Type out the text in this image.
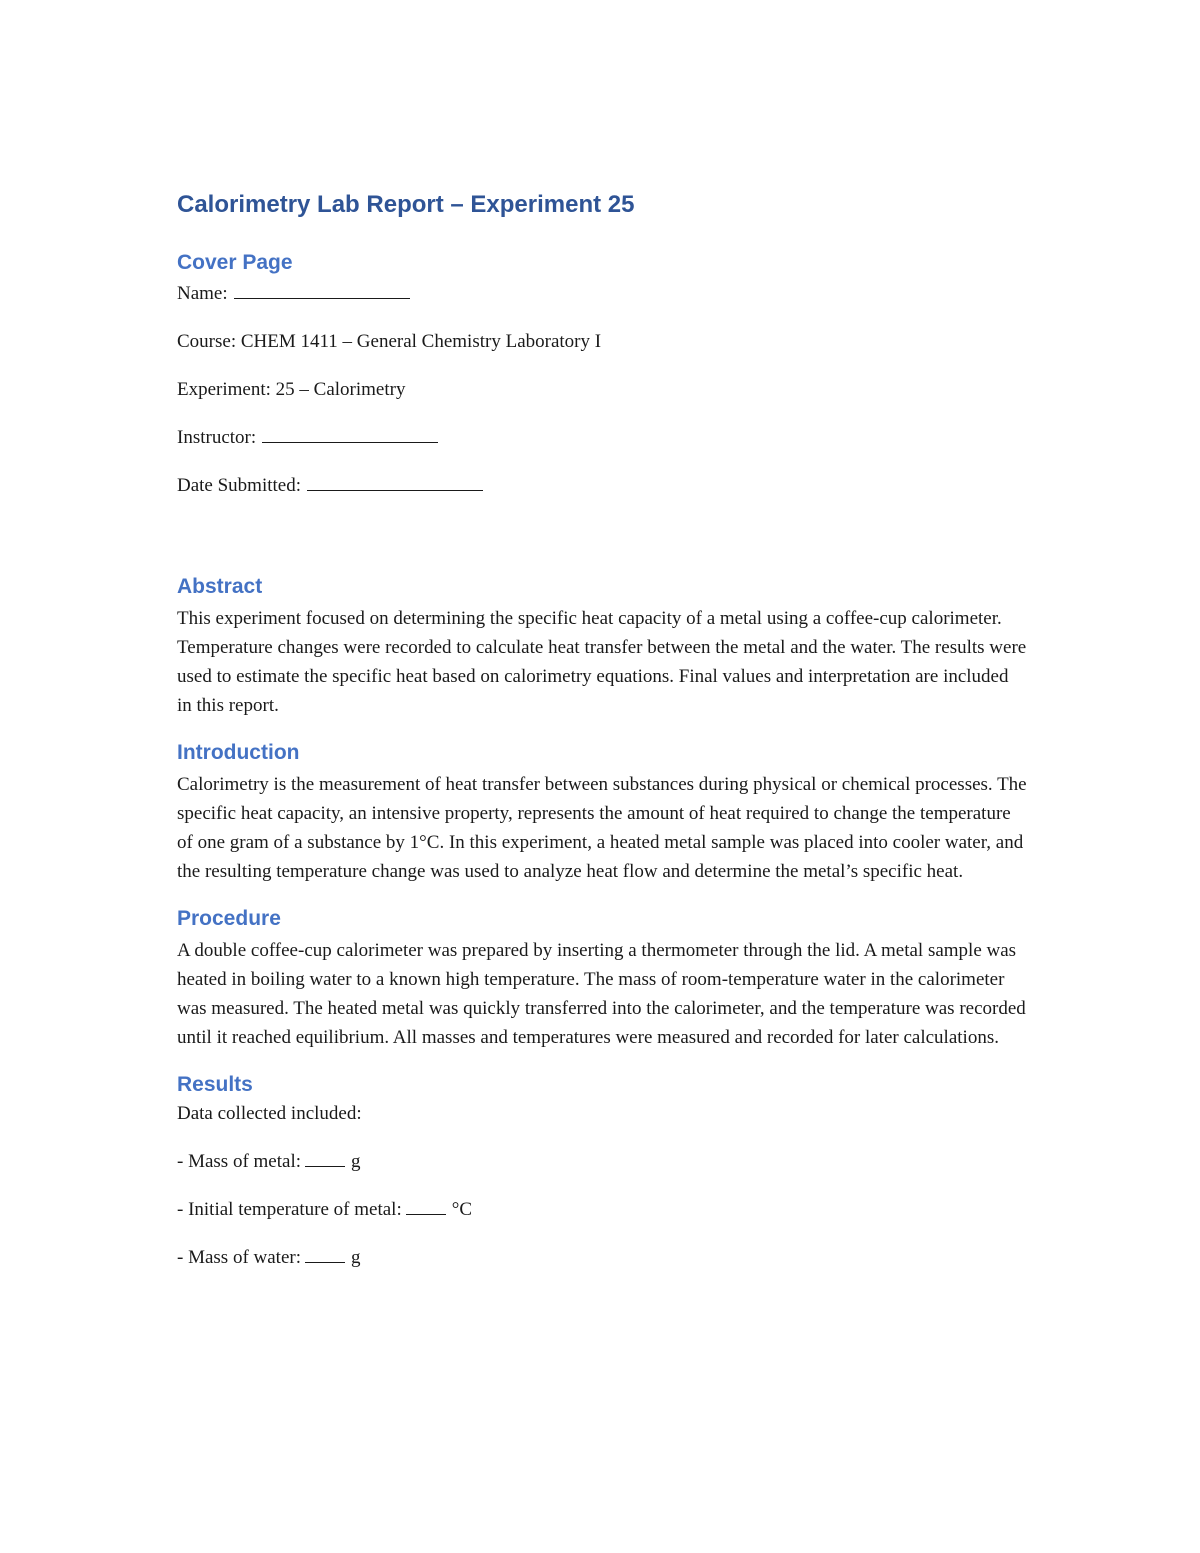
Calorimetry Lab Report – Experiment 25
Cover Page

Name:

Course: CHEM 1411 – General Chemistry Laboratory I

Experiment: 25 – Calorimetry

Instructor:

Date Submitted:

Abstract

This experiment focused on determining the specific heat capacity of a metal using a coffee-cup calorimeter. Temperature changes were recorded to calculate heat transfer between the metal and the water. The results were used to estimate the specific heat based on calorimetry equations. Final values and interpretation are included in this report.

Introduction

Calorimetry is the measurement of heat transfer between substances during physical or chemical processes. The specific heat capacity, an intensive property, represents the amount of heat required to change the temperature of one gram of a substance by 1°C. In this experiment, a heated metal sample was placed into cooler water, and the resulting temperature change was used to analyze heat flow and determine the metal’s specific heat.

Procedure

A double coffee-cup calorimeter was prepared by inserting a thermometer through the lid. A metal sample was heated in boiling water to a known high temperature. The mass of room-temperature water in the calorimeter was measured. The heated metal was quickly transferred into the calorimeter, and the temperature was recorded until it reached equilibrium. All masses and temperatures were measured and recorded for later calculations.

Results

Data collected included:

- Mass of metal:	g

- Initial temperature of metal:	°C

- Mass of water:	g
